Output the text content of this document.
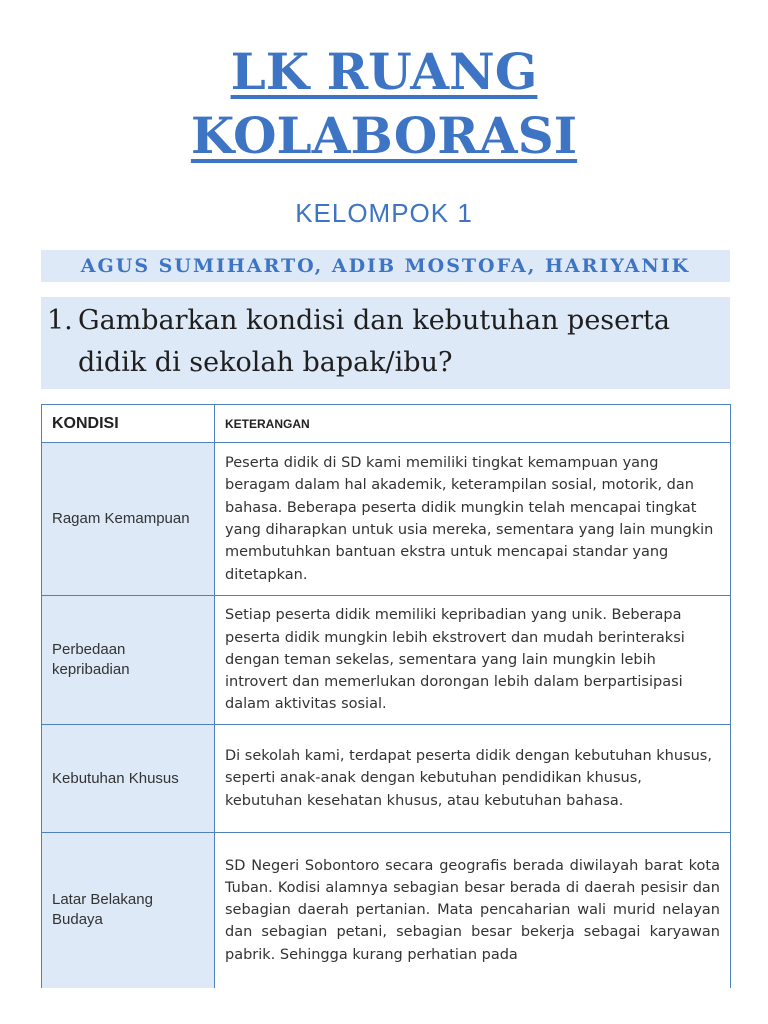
LK RUANG
KOLABORASI
KELOMPOK 1
AGUS SUMIHARTO, ADIB MOSTOFA, HARIYANIK
1. Gambarkan kondisi dan kebutuhan peserta didik di sekolah bapak/ibu?
KONDISI	KETERANGAN
Ragam Kemampuan	Peserta didik di SD kami memiliki tingkat kemampuan yang beragam dalam hal akademik, keterampilan sosial, motorik, dan bahasa. Beberapa peserta didik mungkin telah mencapai tingkat yang diharapkan untuk usia mereka, sementara yang lain mungkin membutuhkan bantuan ekstra untuk mencapai standar yang ditetapkan.
Perbedaan kepribadian	Setiap peserta didik memiliki kepribadian yang unik. Beberapa peserta didik mungkin lebih ekstrovert dan mudah berinteraksi dengan teman sekelas, sementara yang lain mungkin lebih introvert dan memerlukan dorongan lebih dalam berpartisipasi dalam aktivitas sosial.
Kebutuhan Khusus	Di sekolah kami, terdapat peserta didik dengan kebutuhan khusus, seperti anak-anak dengan kebutuhan pendidikan khusus, kebutuhan kesehatan khusus, atau kebutuhan bahasa.
Latar Belakang Budaya	SD Negeri Sobontoro secara geografis berada diwilayah barat kota Tuban. Kodisi alamnya sebagian besar berada di daerah pesisir dan sebagian daerah pertanian. Mata pencaharian wali murid nelayan dan sebagian petani, sebagian besar bekerja sebagai karyawan pabrik. Sehingga kurang perhatian pada
